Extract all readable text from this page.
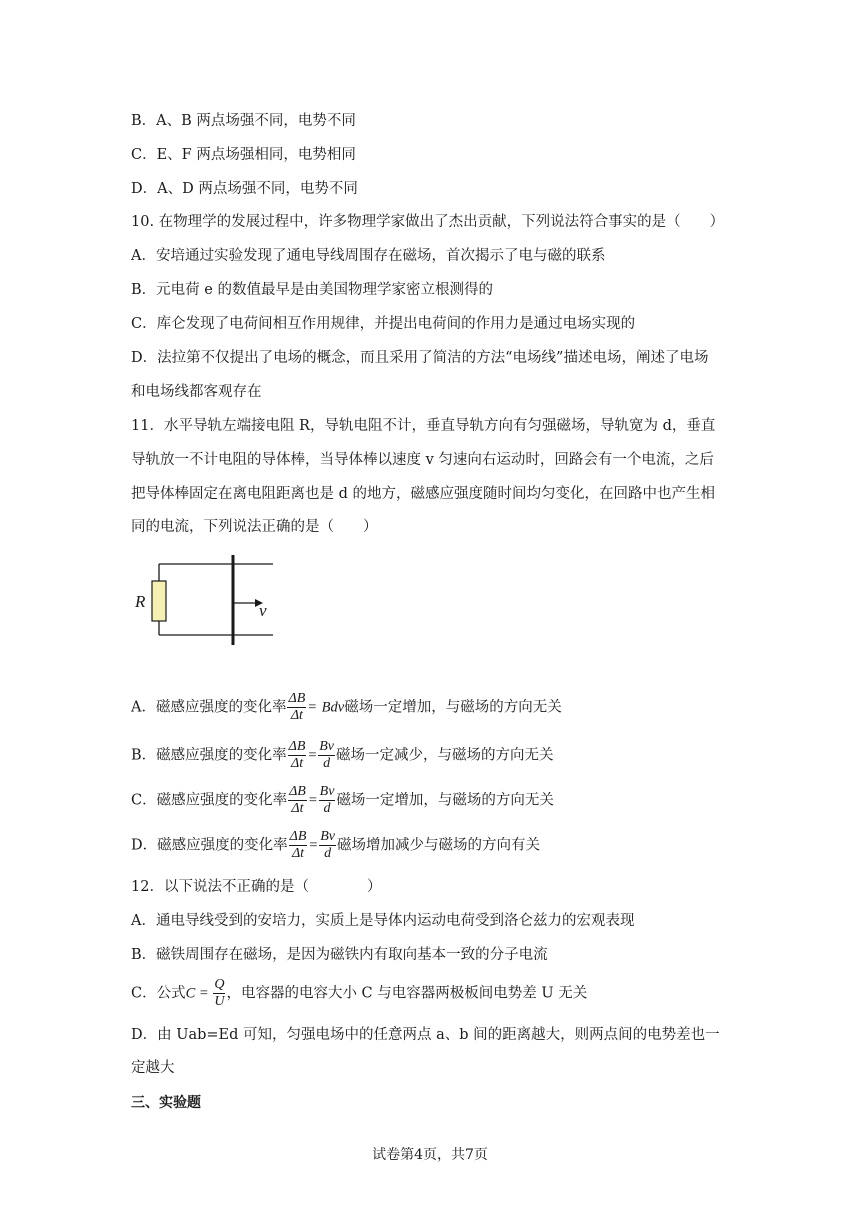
B．A、B 两点场强不同，电势不同
C．E、F 两点场强相同，电势相同
D．A、D 两点场强不同，电势不同
10. 在物理学的发展过程中，许多物理学家做出了杰出贡献，下列说法符合事实的是（　　）
A．安培通过实验发现了通电导线周围存在磁场，首次揭示了电与磁的联系
B．元电荷 e 的数值最早是由美国物理学家密立根测得的
C．库仑发现了电荷间相互作用规律，并提出电荷间的作用力是通过电场实现的
D．法拉第不仅提出了电场的概念，而且采用了简洁的方法“电场线”描述电场，阐述了电场
和电场线都客观存在
11．水平导轨左端接电阻 R，导轨电阻不计，垂直导轨方向有匀强磁场，导轨宽为 d，垂直
导轨放一不计电阻的导体棒，当导体棒以速度 v 匀速向右运动时，回路会有一个电流，之后
把导体棒固定在离电阻距离也是 d 的地方，磁感应强度随时间均匀变化，在回路中也产生相
同的电流，下列说法正确的是（　　）
R	v
A．磁感应强度的变化率 $\frac{\Delta B}{\Delta t}$ = Bdv磁场一定增加，与磁场的方向无关
B．磁感应强度的变化率 $\frac{\Delta B}{\Delta t} = \frac{Bv}{d}$ 磁场一定减少，与磁场的方向无关
C．磁感应强度的变化率 $\frac{\Delta B}{\Delta t} = \frac{Bv}{d}$ 磁场一定增加，与磁场的方向无关
D．磁感应强度的变化率 $\frac{\Delta B}{\Delta t} = \frac{Bv}{d}$ 磁场增加减少与磁场的方向有关
12．以下说法不正确的是（　　　　）
A．通电导线受到的安培力，实质上是导体内运动电荷受到洛仑兹力的宏观表现
B．磁铁周围存在磁场，是因为磁铁内有取向基本一致的分子电流
C．公式$C = \frac{Q}{U}$ ，电容器的电容大小 C 与电容器两极板间电势差 U 无关
D．由 Uab=Ed 可知，匀强电场中的任意两点 a、b 间的距离越大，则两点间的电势差也一
定越大
三、实验题
试卷第4页，共7页
